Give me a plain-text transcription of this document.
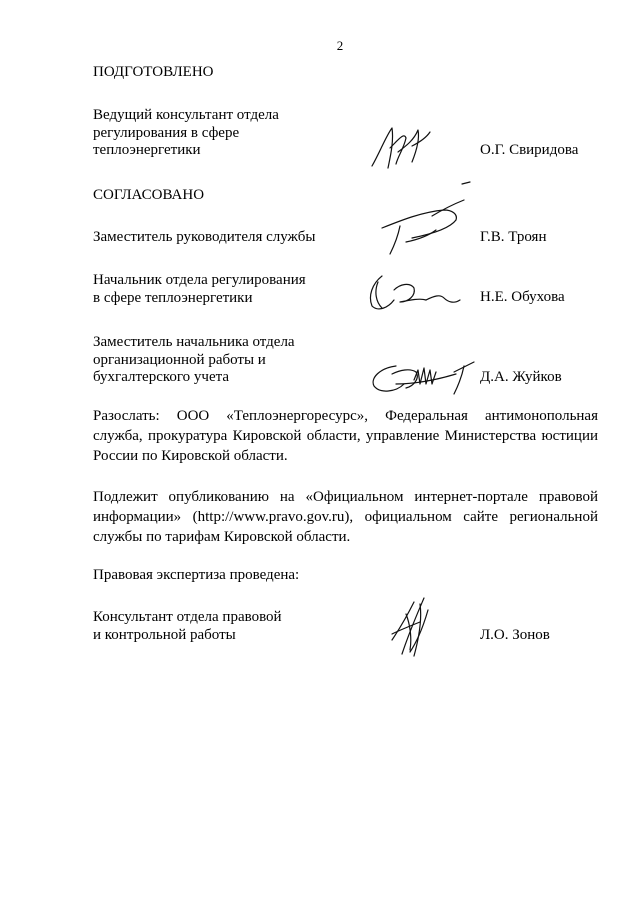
2
ПОДГОТОВЛЕНО
Ведущий консультант отдела
регулирования в сфере
теплоэнергетики	О.Г. Свиридова
СОГЛАСОВАНО
Заместитель руководителя службы	Г.В. Троян
Начальник отдела регулирования
в сфере теплоэнергетики	Н.Е. Обухова
Заместитель начальника отдела
организационной работы и
бухгалтерского учета	Д.А. Жуйков
Разослать: ООО «Теплоэнергоресурс», Федеральная антимонопольная служба, прокуратура Кировской области, управление Министерства юстиции России по Кировской области.
Подлежит опубликованию на «Официальном интернет-портале правовой информации» (http://www.pravo.gov.ru), официальном сайте региональной службы по тарифам Кировской области.
Правовая экспертиза проведена:
Консультант отдела правовой
и контрольной работы	Л.О. Зонов
